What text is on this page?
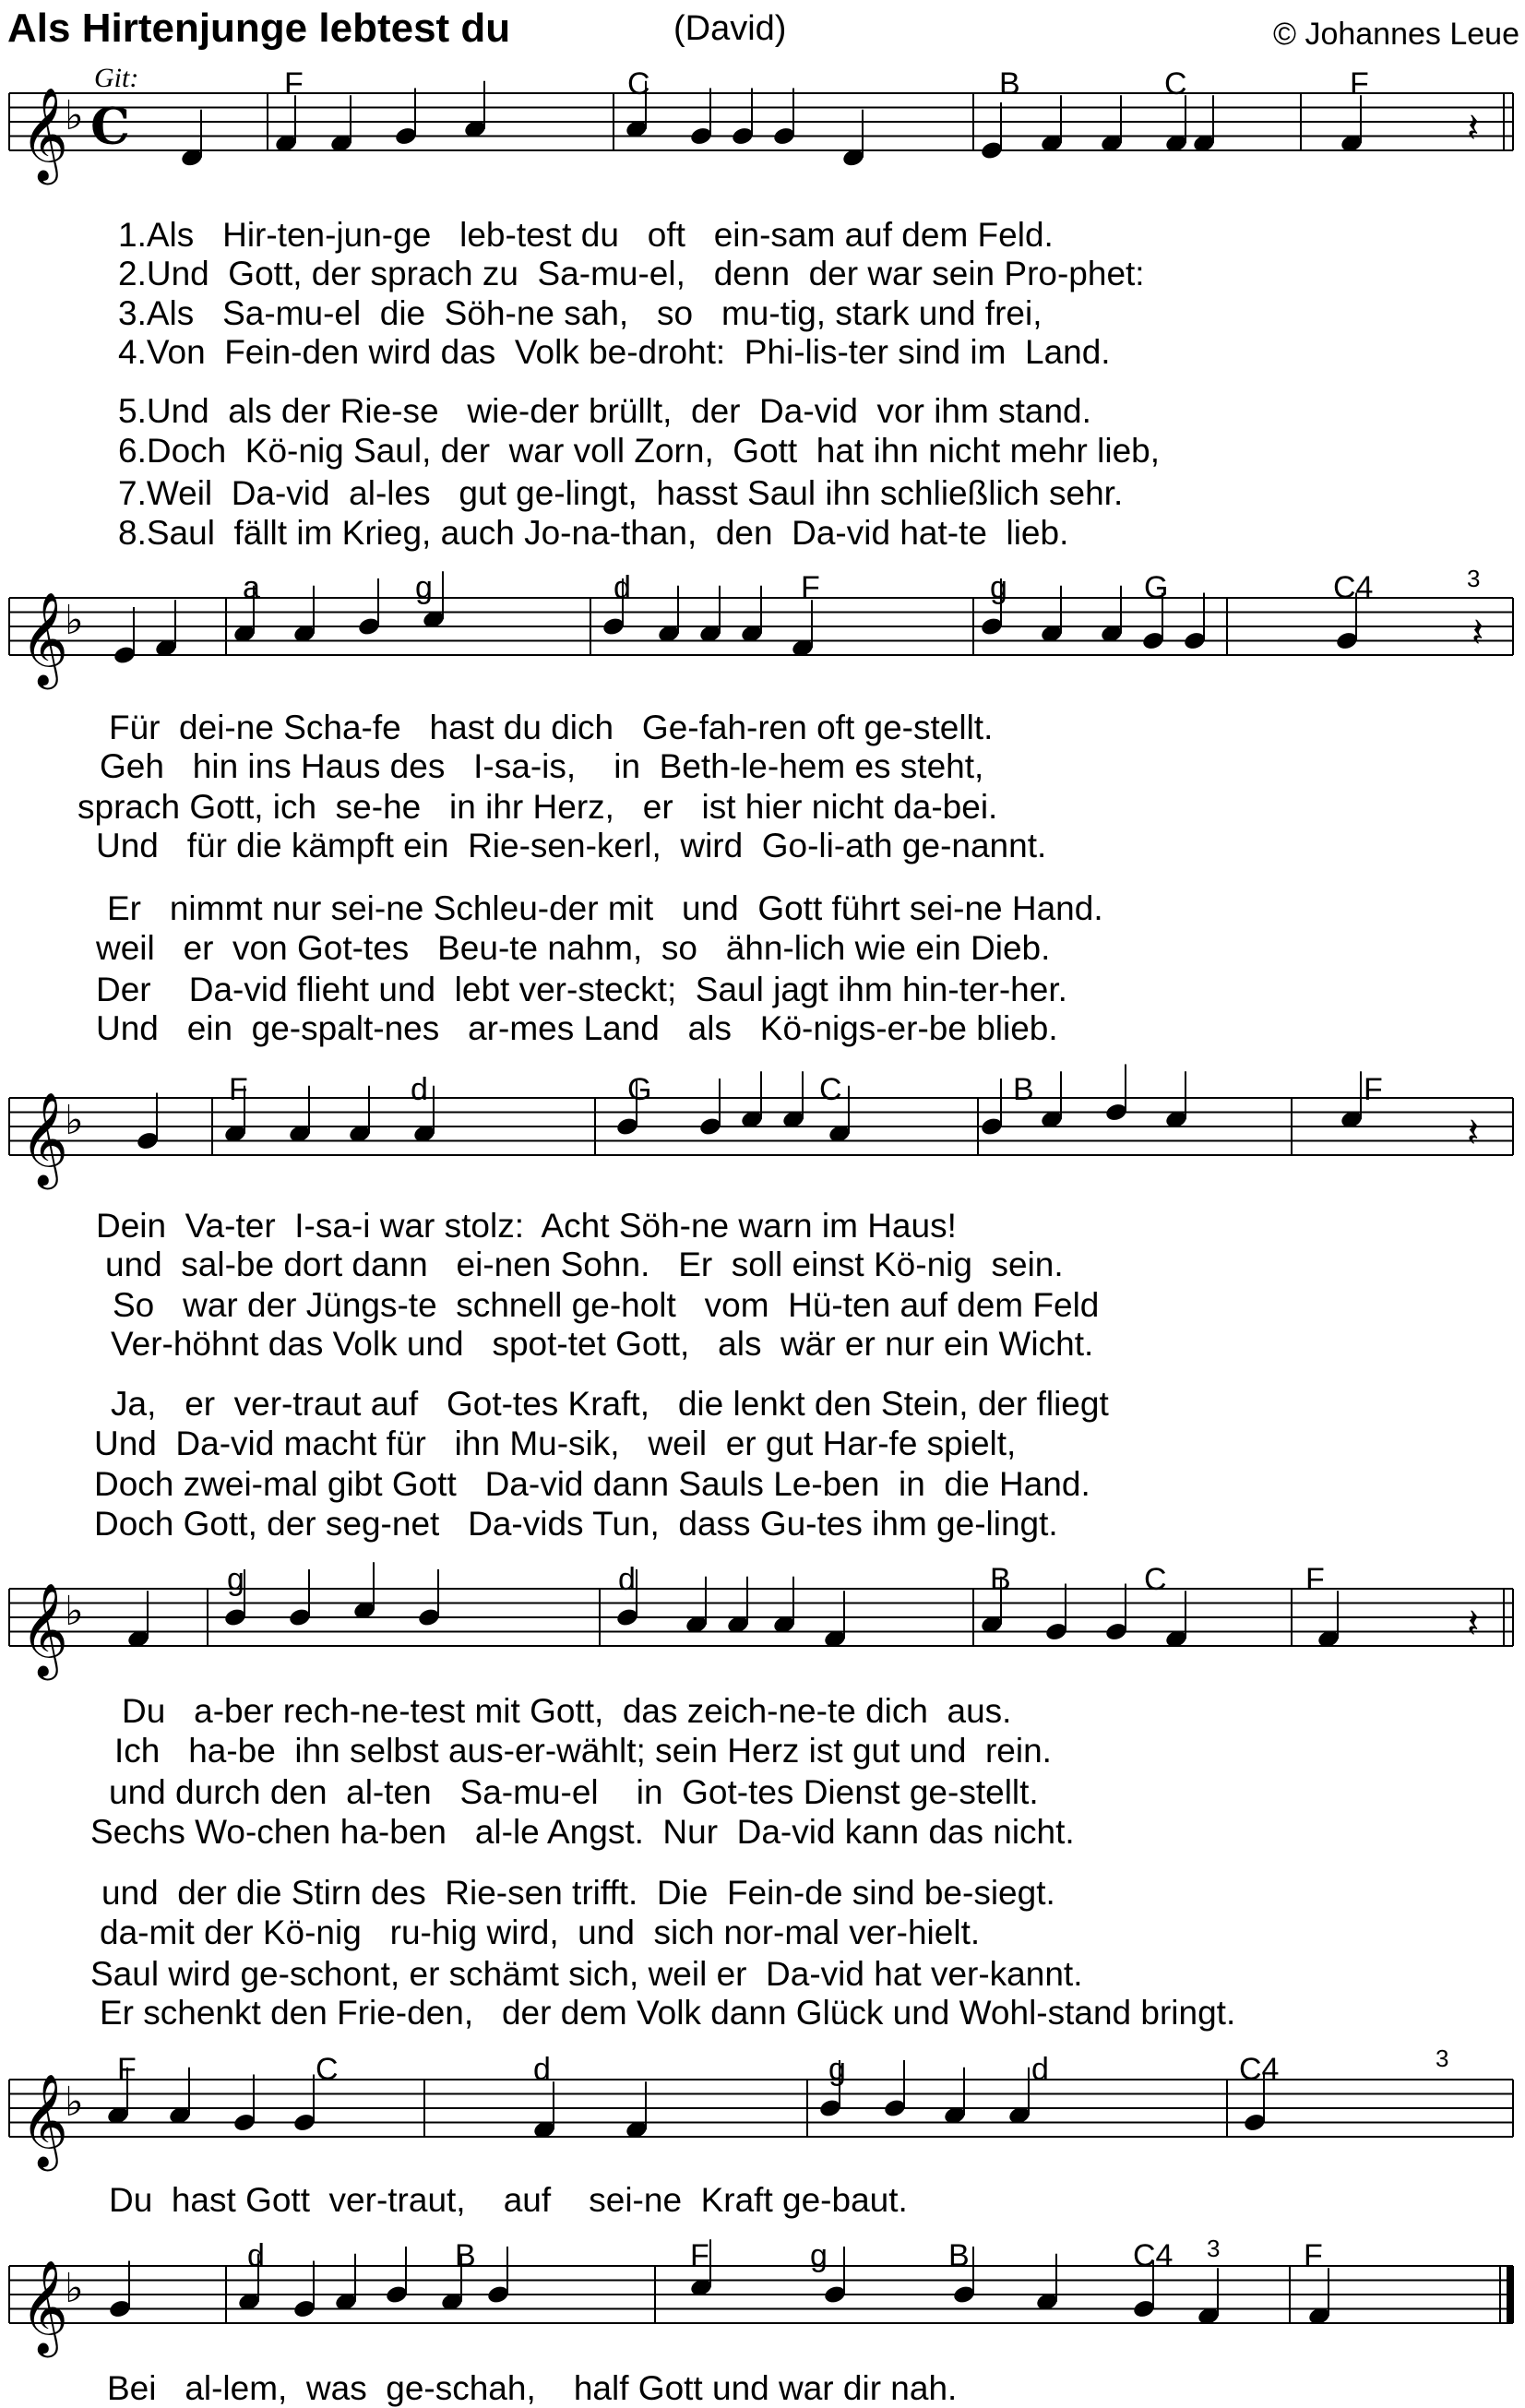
𝄞
♭ C
𝄞
♭
𝄞
♭
𝄞
♭
𝄞
♭
𝄞
♭
𝄽
𝄽
𝄽
𝄽
Als Hirtenjunge lebtest du	(David)	© Johannes Leue
Git:	F	C	B	C	F
1.Als   Hir-ten-jun-ge   leb-test du   oft   ein-sam auf dem Feld.
2.Und  Gott, der sprach zu  Sa-mu-el,   denn  der war sein Pro-phet:
3.Als   Sa-mu-el  die  Söh-ne sah,   so   mu-tig, stark und frei,
4.Von  Fein-den wird das  Volk be-droht:  Phi-lis-ter sind im  Land.
5.Und  als der Rie-se   wie-der brüllt,  der  Da-vid  vor ihm stand.
6.Doch  Kö-nig Saul, der  war voll Zorn,  Gott  hat ihn nicht mehr lieb,
7.Weil  Da-vid  al-les   gut ge-lingt,  hasst Saul ihn schließlich sehr.
8.Saul  fällt im Krieg, auch Jo-na-than,  den  Da-vid hat-te  lieb.
a	g	d	F	g	G	C4	3
Für  dei-ne Scha-fe   hast du dich   Ge-fah-ren oft ge-stellt.
Geh   hin ins Haus des   I-sa-is,    in  Beth-le-hem es steht,
sprach Gott, ich  se-he   in ihr Herz,   er   ist hier nicht da-bei.
Und   für die kämpft ein  Rie-sen-kerl,  wird  Go-li-ath ge-nannt.
Er   nimmt nur sei-ne Schleu-der mit   und  Gott führt sei-ne Hand.
weil   er  von Got-tes   Beu-te nahm,  so   ähn-lich wie ein Dieb.
Der    Da-vid flieht und  lebt ver-steckt;  Saul jagt ihm hin-ter-her.
Und   ein  ge-spalt-nes   ar-mes Land   als   Kö-nigs-er-be blieb.
F	d	G	C	B	F
Dein  Va-ter  I-sa-i war stolz:  Acht Söh-ne warn im Haus!
und  sal-be dort dann   ei-nen Sohn.   Er  soll einst Kö-nig  sein.
So   war der Jüngs-te  schnell ge-holt   vom  Hü-ten auf dem Feld
Ver-höhnt das Volk und   spot-tet Gott,   als  wär er nur ein Wicht.
Ja,   er  ver-traut auf   Got-tes Kraft,   die lenkt den Stein, der fliegt
Und  Da-vid macht für   ihn Mu-sik,   weil  er gut Har-fe spielt,
Doch zwei-mal gibt Gott   Da-vid dann Sauls Le-ben  in  die Hand.
Doch Gott, der seg-net   Da-vids Tun,  dass Gu-tes ihm ge-lingt.
g	d	B	C	F
Du   a-ber rech-ne-test mit Gott,  das zeich-ne-te dich  aus.
Ich   ha-be  ihn selbst aus-er-wählt; sein Herz ist gut und  rein.
und durch den  al-ten   Sa-mu-el    in  Got-tes Dienst ge-stellt.
Sechs Wo-chen ha-ben   al-le Angst.  Nur  Da-vid kann das nicht.
und  der die Stirn des  Rie-sen trifft.  Die  Fein-de sind be-siegt.
da-mit der Kö-nig   ru-hig wird,  und  sich nor-mal ver-hielt.
Saul wird ge-schont, er schämt sich, weil er  Da-vid hat ver-kannt.
Er schenkt den Frie-den,   der dem Volk dann Glück und Wohl-stand bringt.
F	C	d	g	d	C4	3
Du  hast Gott  ver-traut,    auf    sei-ne  Kraft ge-baut.
d	B	F	g	B	C4 3	F
Bei   al-lem,  was  ge-schah,    half Gott und war dir nah.
